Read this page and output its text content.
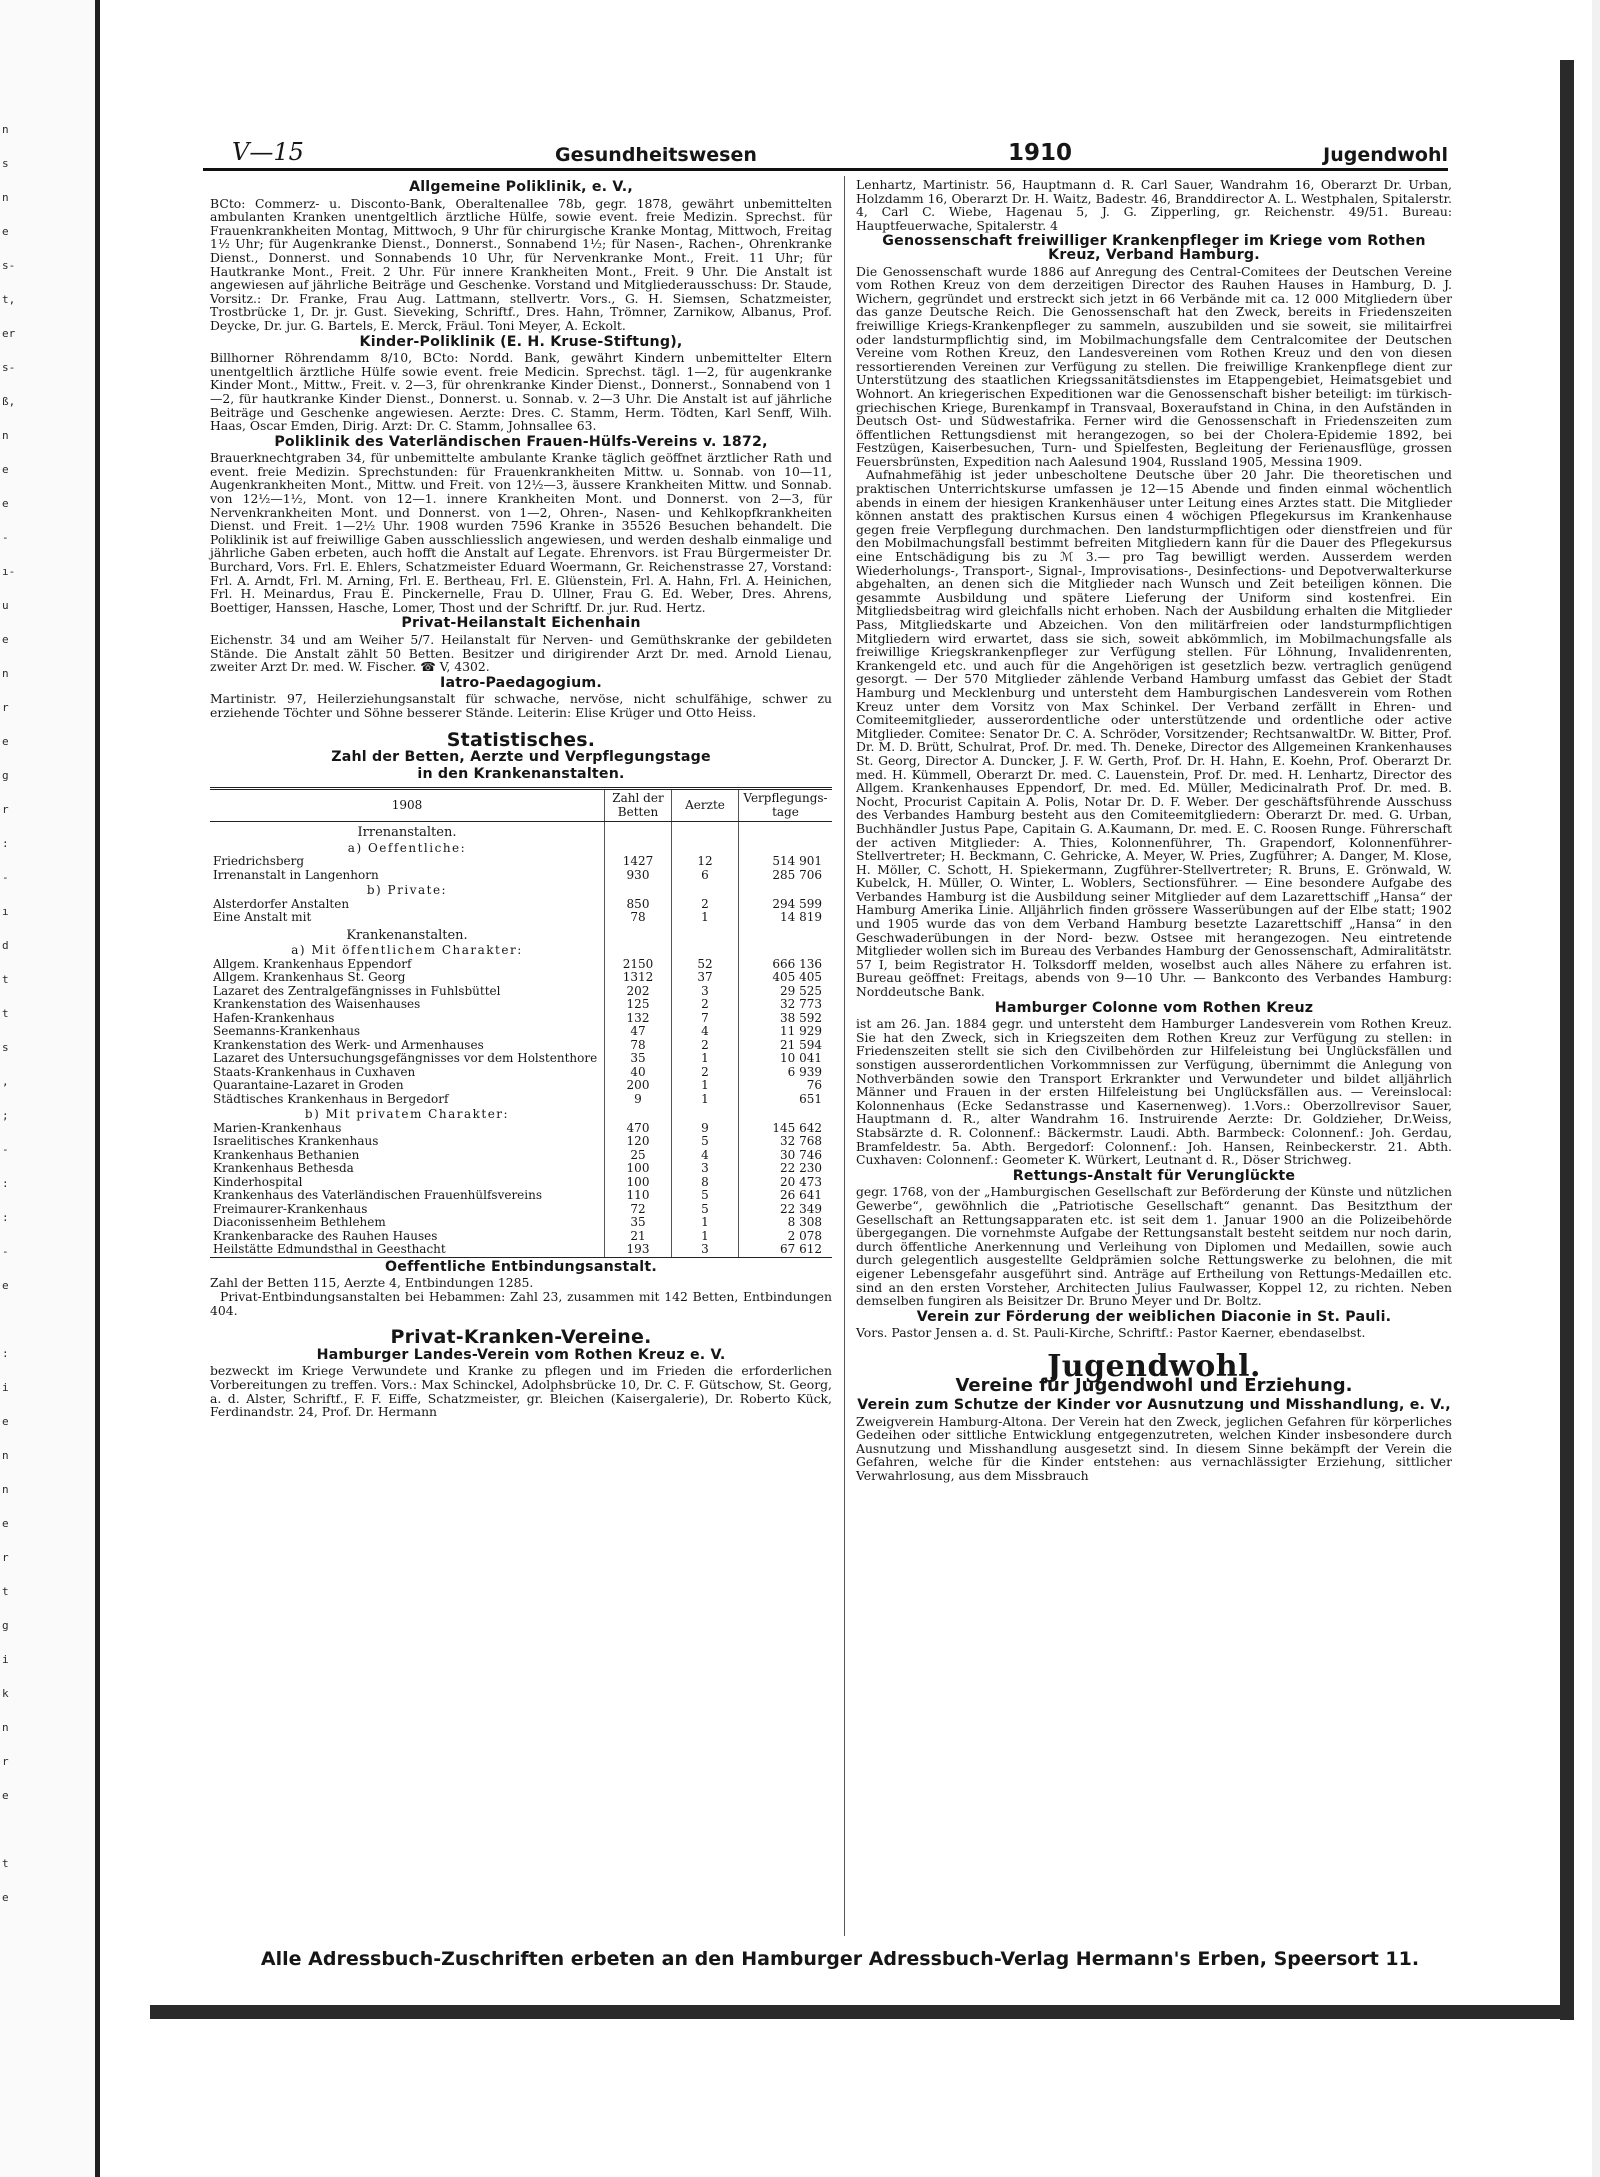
n
s
n
e
s-
t,
er
s-
ß,
n
e
e
-
ı-
u
e
n
r
e
g
r
:
-
ı
d
t
t
s
,
;
-
:
:
-
e
:
i
e
n
n
e
r
t
g
i
k
n
r
e
t
e
V—15	Gesundheitswesen	1910	Jugendwohl
Allgemeine Poliklinik, e. V.,

BCto: Commerz- u. Disconto-Bank, Oberaltenallee 78b, gegr. 1878, gewährt unbemittelten ambulanten Kranken unentgeltlich ärztliche Hülfe, sowie event. freie Medizin. Sprechst. für Frauenkrankheiten Montag, Mittwoch, 9 Uhr für chirurgische Kranke Montag, Mittwoch, Freitag 1½ Uhr; für Augenkranke Dienst., Donnerst., Sonnabend 1½; für Nasen-, Rachen-, Ohrenkranke Dienst., Donnerst. und Sonnabends 10 Uhr, für Nervenkranke Mont., Freit. 11 Uhr; für Hautkranke Mont., Freit. 2 Uhr. Für innere Krankheiten Mont., Freit. 9 Uhr. Die Anstalt ist angewiesen auf jährliche Beiträge und Geschenke. Vorstand und Mitgliederausschuss: Dr. Staude, Vorsitz.: Dr. Franke, Frau Aug. Lattmann, stellvertr. Vors., G. H. Siemsen, Schatzmeister, Trostbrücke 1, Dr. jr. Gust. Sieveking, Schriftf., Dres. Hahn, Trömner, Zarnikow, Albanus, Prof. Deycke, Dr. jur. G. Bartels, E. Merck, Fräul. Toni Meyer, A. Eckolt.

Kinder-Poliklinik (E. H. Kruse-Stiftung),

Billhorner Röhrendamm 8/10, BCto: Nordd. Bank, gewährt Kindern unbemittelter Eltern unentgeltlich ärztliche Hülfe sowie event. freie Medicin. Sprechst. tägl. 1—2, für augenkranke Kinder Mont., Mittw., Freit. v. 2—3, für ohrenkranke Kinder Dienst., Donnerst., Sonnabend von 1—2, für hautkranke Kinder Dienst., Donnerst. u. Sonnab. v. 2—3 Uhr. Die Anstalt ist auf jährliche Beiträge und Geschenke angewiesen. Aerzte: Dres. C. Stamm, Herm. Tödten, Karl Senff, Wilh. Haas, Oscar Emden, Dirig. Arzt: Dr. C. Stamm, Johnsallee 63.

Poliklinik des Vaterländischen Frauen-Hülfs-Vereins v. 1872,

Brauerknechtgraben 34, für unbemittelte ambulante Kranke täglich geöffnet ärztlicher Rath und event. freie Medizin. Sprechstunden: für Frauenkrankheiten Mittw. u. Sonnab. von 10—11, Augenkrankheiten Mont., Mittw. und Freit. von 12½—3, äussere Krankheiten Mittw. und Sonnab. von 12½—1½, Mont. von 12—1. innere Krankheiten Mont. und Donnerst. von 2—3, für Nervenkrankheiten Mont. und Donnerst. von 1—2, Ohren-, Nasen- und Kehlkopfkrankheiten Dienst. und Freit. 1—2½ Uhr. 1908 wurden 7596 Kranke in 35526 Besuchen behandelt. Die Poliklinik ist auf freiwillige Gaben ausschliesslich angewiesen, und werden deshalb einmalige und jährliche Gaben erbeten, auch hofft die Anstalt auf Legate. Ehrenvors. ist Frau Bürgermeister Dr. Burchard, Vors. Frl. E. Ehlers, Schatzmeister Eduard Woermann, Gr. Reichenstrasse 27, Vorstand: Frl. A. Arndt, Frl. M. Arning, Frl. E. Bertheau, Frl. E. Glüenstein, Frl. A. Hahn, Frl. A. Heinichen, Frl. H. Meinardus, Frau E. Pinckernelle, Frau D. Ullner, Frau G. Ed. Weber, Dres. Ahrens, Boettiger, Hanssen, Hasche, Lomer, Thost und der Schriftf. Dr. jur. Rud. Hertz.

Privat-Heilanstalt Eichenhain

Eichenstr. 34 und am Weiher 5/7. Heilanstalt für Nerven- und Gemüthskranke der gebildeten Stände. Die Anstalt zählt 50 Betten. Besitzer und dirigirender Arzt Dr. med. Arnold Lienau, zweiter Arzt Dr. med. W. Fischer. ☎ V, 4302.

Iatro-Paedagogium.

Martinistr. 97, Heilerziehungsanstalt für schwache, nervöse, nicht schulfähige, schwer zu erziehende Töchter und Söhne besserer Stände. Leiterin: Elise Krüger und Otto Heiss.

Statistisches.
Zahl der Betten, Aerzte und Verpflegungstage
in den Krankenanstalten.
1908	Zahl der Betten	Aerzte	Verpflegungs-tage
Irrenanstalten.			
a) Oeffentliche:			
Friedrichsberg	1427	12	514 901
Irrenanstalt in Langenhorn	930	6	285 706
b) Private:			
Alsterdorfer Anstalten	850	2	294 599
Eine Anstalt mit	78	1	14 819
Krankenanstalten.			
a) Mit öffentlichem Charakter:			
Allgem. Krankenhaus Eppendorf	2150	52	666 136
Allgem. Krankenhaus St. Georg	1312	37	405 405
Lazaret des Zentralgefängnisses in Fuhlsbüttel	202	3	29 525
Krankenstation des Waisenhauses	125	2	32 773
Hafen-Krankenhaus	132	7	38 592
Seemanns-Krankenhaus	47	4	11 929
Krankenstation des Werk- und Armenhauses	78	2	21 594
Lazaret des Untersuchungsgefängnisses vor dem Holstenthore	35	1	10 041
Staats-Krankenhaus in Cuxhaven	40	2	6 939
Quarantaine-Lazaret in Groden	200	1	76
Städtisches Krankenhaus in Bergedorf	9	1	651
b) Mit privatem Charakter:			
Marien-Krankenhaus	470	9	145 642
Israelitisches Krankenhaus	120	5	32 768
Krankenhaus Bethanien	25	4	30 746
Krankenhaus Bethesda	100	3	22 230
Kinderhospital	100	8	20 473
Krankenhaus des Vaterländischen Frauenhülfsvereins	110	5	26 641
Freimaurer-Krankenhaus	72	5	22 349
Diaconissenheim Bethlehem	35	1	8 308
Krankenbaracke des Rauhen Hauses	21	1	2 078
Heilstätte Edmundsthal in Geesthacht	193	3	67 612
Oeffentliche Entbindungsanstalt.

Zahl der Betten 115, Aerzte 4, Entbindungen 1285.

Privat-Entbindungsanstalten bei Hebammen: Zahl 23, zusammen mit 142 Betten, Entbindungen 404.

Privat-Kranken-Vereine.
Hamburger Landes-Verein vom Rothen Kreuz e. V.

bezweckt im Kriege Verwundete und Kranke zu pflegen und im Frieden die erforderlichen Vorbereitungen zu treffen. Vors.: Max Schinckel, Adolphsbrücke 10, Dr. C. F. Gütschow, St. Georg, a. d. Alster, Schriftf., F. F. Eiffe, Schatzmeister, gr. Bleichen (Kaisergalerie), Dr. Roberto Kück, Ferdinandstr. 24, Prof. Dr. Hermann

Lenhartz, Martinistr. 56, Hauptmann d. R. Carl Sauer, Wandrahm 16, Oberarzt Dr. Urban, Holzdamm 16, Oberarzt Dr. H. Waitz, Badestr. 46, Branddirector A. L. Westphalen, Spitalerstr. 4, Carl C. Wiebe, Hagenau 5, J. G. Zipperling, gr. Reichenstr. 49/51. Bureau: Hauptfeuerwache, Spitalerstr. 4

Genossenschaft freiwilliger Krankenpfleger im Kriege vom Rothen Kreuz, Verband Hamburg.

Die Genossenschaft wurde 1886 auf Anregung des Central-Comitees der Deutschen Vereine vom Rothen Kreuz von dem derzeitigen Director des Rauhen Hauses in Hamburg, D. J. Wichern, gegründet und erstreckt sich jetzt in 66 Verbände mit ca. 12 000 Mitgliedern über das ganze Deutsche Reich. Die Genossenschaft hat den Zweck, bereits in Friedenszeiten freiwillige Kriegs-Krankenpfleger zu sammeln, auszubilden und sie soweit, sie militairfrei oder landsturmpflichtig sind, im Mobilmachungsfalle dem Centralcomitee der Deutschen Vereine vom Rothen Kreuz, den Landesvereinen vom Rothen Kreuz und den von diesen ressortierenden Vereinen zur Verfügung zu stellen. Die freiwillige Krankenpflege dient zur Unterstützung des staatlichen Kriegssanitätsdienstes im Etappengebiet, Heimatsgebiet und Wohnort. An kriegerischen Expeditionen war die Genossenschaft bisher beteiligt: im türkisch-griechischen Kriege, Burenkampf in Transvaal, Boxeraufstand in China, in den Aufständen in Deutsch Ost- und Südwestafrika. Ferner wird die Genossenschaft in Friedenszeiten zum öffentlichen Rettungsdienst mit herangezogen, so bei der Cholera-Epidemie 1892, bei Festzügen, Kaiserbesuchen, Turn- und Spielfesten, Begleitung der Ferienausflüge, grossen Feuersbrünsten, Expedition nach Aalesund 1904, Russland 1905, Messina 1909.

Aufnahmefähig ist jeder unbescholtene Deutsche über 20 Jahr. Die theoretischen und praktischen Unterrichtskurse umfassen je 12—15 Abende und finden einmal wöchentlich abends in einem der hiesigen Krankenhäuser unter Leitung eines Arztes statt. Die Mitglieder können anstatt des praktischen Kursus einen 4 wöchigen Pflegekursus im Krankenhause gegen freie Verpflegung durchmachen. Den landsturmpflichtigen oder dienstfreien und für den Mobilmachungsfall bestimmt befreiten Mitgliedern kann für die Dauer des Pflegekursus eine Entschädigung bis zu ℳ 3.— pro Tag bewilligt werden. Ausserdem werden Wiederholungs-, Transport-, Signal-, Improvisations-, Desinfections- und Depotverwalterkurse abgehalten, an denen sich die Mitglieder nach Wunsch und Zeit beteiligen können. Die gesammte Ausbildung und spätere Lieferung der Uniform sind kostenfrei. Ein Mitgliedsbeitrag wird gleichfalls nicht erhoben. Nach der Ausbildung erhalten die Mitglieder Pass, Mitgliedskarte und Abzeichen. Von den militärfreien oder landsturmpflichtigen Mitgliedern wird erwartet, dass sie sich, soweit abkömmlich, im Mobilmachungsfalle als freiwillige Kriegskrankenpfleger zur Verfügung stellen. Für Löhnung, Invalidenrenten, Krankengeld etc. und auch für die Angehörigen ist gesetzlich bezw. vertraglich genügend gesorgt. — Der 570 Mitglieder zählende Verband Hamburg umfasst das Gebiet der Stadt Hamburg und Mecklenburg und untersteht dem Hamburgischen Landesverein vom Rothen Kreuz unter dem Vorsitz von Max Schinkel. Der Verband zerfällt in Ehren- und Comiteemitglieder, ausserordentliche oder unterstützende und ordentliche oder active Mitglieder. Comitee: Senator Dr. C. A. Schröder, Vorsitzender; RechtsanwaltDr. W. Bitter, Prof. Dr. M. D. Brütt, Schulrat, Prof. Dr. med. Th. Deneke, Director des Allgemeinen Krankenhauses St. Georg, Director A. Duncker, J. F. W. Gerth, Prof. Dr. H. Hahn, E. Koehn, Prof. Oberarzt Dr. med. H. Kümmell, Oberarzt Dr. med. C. Lauenstein, Prof. Dr. med. H. Lenhartz, Director des Allgem. Krankenhauses Eppendorf, Dr. med. Ed. Müller, Medicinalrath Prof. Dr. med. B. Nocht, Procurist Capitain A. Polis, Notar Dr. D. F. Weber. Der geschäftsführende Ausschuss des Verbandes Hamburg besteht aus den Comiteemitgliedern: Oberarzt Dr. med. G. Urban, Buchhändler Justus Pape, Capitain G. A.Kaumann, Dr. med. E. C. Roosen Runge. Führerschaft der activen Mitglieder: A. Thies, Kolonnenführer, Th. Grapendorf, Kolonnenführer-Stellvertreter; H. Beckmann, C. Gehricke, A. Meyer, W. Pries, Zugführer; A. Danger, M. Klose, H. Möller, C. Schott, H. Spiekermann, Zugführer-Stellvertreter; R. Bruns, E. Grönwald, W. Kubelck, H. Müller, O. Winter, L. Woblers, Sectionsführer. — Eine besondere Aufgabe des Verbandes Hamburg ist die Ausbildung seiner Mitglieder auf dem Lazarettschiff „Hansa“ der Hamburg Amerika Linie. Alljährlich finden grössere Wasserübungen auf der Elbe statt; 1902 und 1905 wurde das von dem Verband Hamburg besetzte Lazarettschiff „Hansa“ in den Geschwaderübungen in der Nord- bezw. Ostsee mit herangezogen. Neu eintretende Mitglieder wollen sich im Bureau des Verbandes Hamburg der Genossenschaft, Admiralitätstr. 57 I, beim Registrator H. Tolksdorff melden, woselbst auch alles Nähere zu erfahren ist. Bureau geöffnet: Freitags, abends von 9—10 Uhr. — Bankconto des Verbandes Hamburg: Norddeutsche Bank.

Hamburger Colonne vom Rothen Kreuz

ist am 26. Jan. 1884 gegr. und untersteht dem Hamburger Landesverein vom Rothen Kreuz. Sie hat den Zweck, sich in Kriegszeiten dem Rothen Kreuz zur Verfügung zu stellen: in Friedenszeiten stellt sie sich den Civilbehörden zur Hilfeleistung bei Unglücksfällen und sonstigen ausserordentlichen Vorkommnissen zur Verfügung, übernimmt die Anlegung von Nothverbänden sowie den Transport Erkrankter und Verwundeter und bildet alljährlich Männer und Frauen in der ersten Hilfeleistung bei Unglücksfällen aus. — Vereinslocal: Kolonnenhaus (Ecke Sedanstrasse und Kasernenweg). 1.Vors.: Oberzollrevisor Sauer, Hauptmann d. R., alter Wandrahm 16. Instruirende Aerzte: Dr. Goldzieher, Dr.Weiss, Stabsärzte d. R. Colonnenf.: Bäckermstr. Laudi. Abth. Barmbeck: Colonnenf.: Joh. Gerdau, Bramfeldestr. 5a. Abth. Bergedorf: Colonnenf.: Joh. Hansen, Reinbeckerstr. 21. Abth. Cuxhaven: Colonnenf.: Geometer K. Würkert, Leutnant d. R., Döser Strichweg.

Rettungs-Anstalt für Verunglückte

gegr. 1768, von der „Hamburgischen Gesellschaft zur Beförderung der Künste und nützlichen Gewerbe“, gewöhnlich die „Patriotische Gesellschaft“ genannt. Das Besitzthum der Gesellschaft an Rettungsapparaten etc. ist seit dem 1. Januar 1900 an die Polizeibehörde übergegangen. Die vornehmste Aufgabe der Rettungsanstalt besteht seitdem nur noch darin, durch öffentliche Anerkennung und Verleihung von Diplomen und Medaillen, sowie auch durch gelegentlich ausgestellte Geldprämien solche Rettungswerke zu belohnen, die mit eigener Lebensgefahr ausgeführt sind. Anträge auf Ertheilung von Rettungs-Medaillen etc. sind an den ersten Vorsteher, Architecten Julius Faulwasser, Koppel 12, zu richten. Neben demselben fungiren als Beisitzer Dr. Bruno Meyer und Dr. Boltz.

Verein zur Förderung der weiblichen Diaconie in St. Pauli.

Vors. Pastor Jensen a. d. St. Pauli-Kirche, Schriftf.: Pastor Kaerner, ebendaselbst.

Jugendwohl.
Vereine für Jugendwohl und Erziehung.
Verein zum Schutze der Kinder vor Ausnutzung und Misshandlung, e. V.,

Zweigverein Hamburg-Altona. Der Verein hat den Zweck, jeglichen Gefahren für körperliches Gedeihen oder sittliche Entwicklung entgegenzutreten, welchen Kinder insbesondere durch Ausnutzung und Misshandlung ausgesetzt sind. In diesem Sinne bekämpft der Verein die Gefahren, welche für die Kinder entstehen: aus vernachlässigter Erziehung, sittlicher Verwahrlosung, aus dem Missbrauch

Alle Adressbuch-Zuschriften erbeten an den Hamburger Adressbuch-Verlag Hermann's Erben, Speersort 11.
